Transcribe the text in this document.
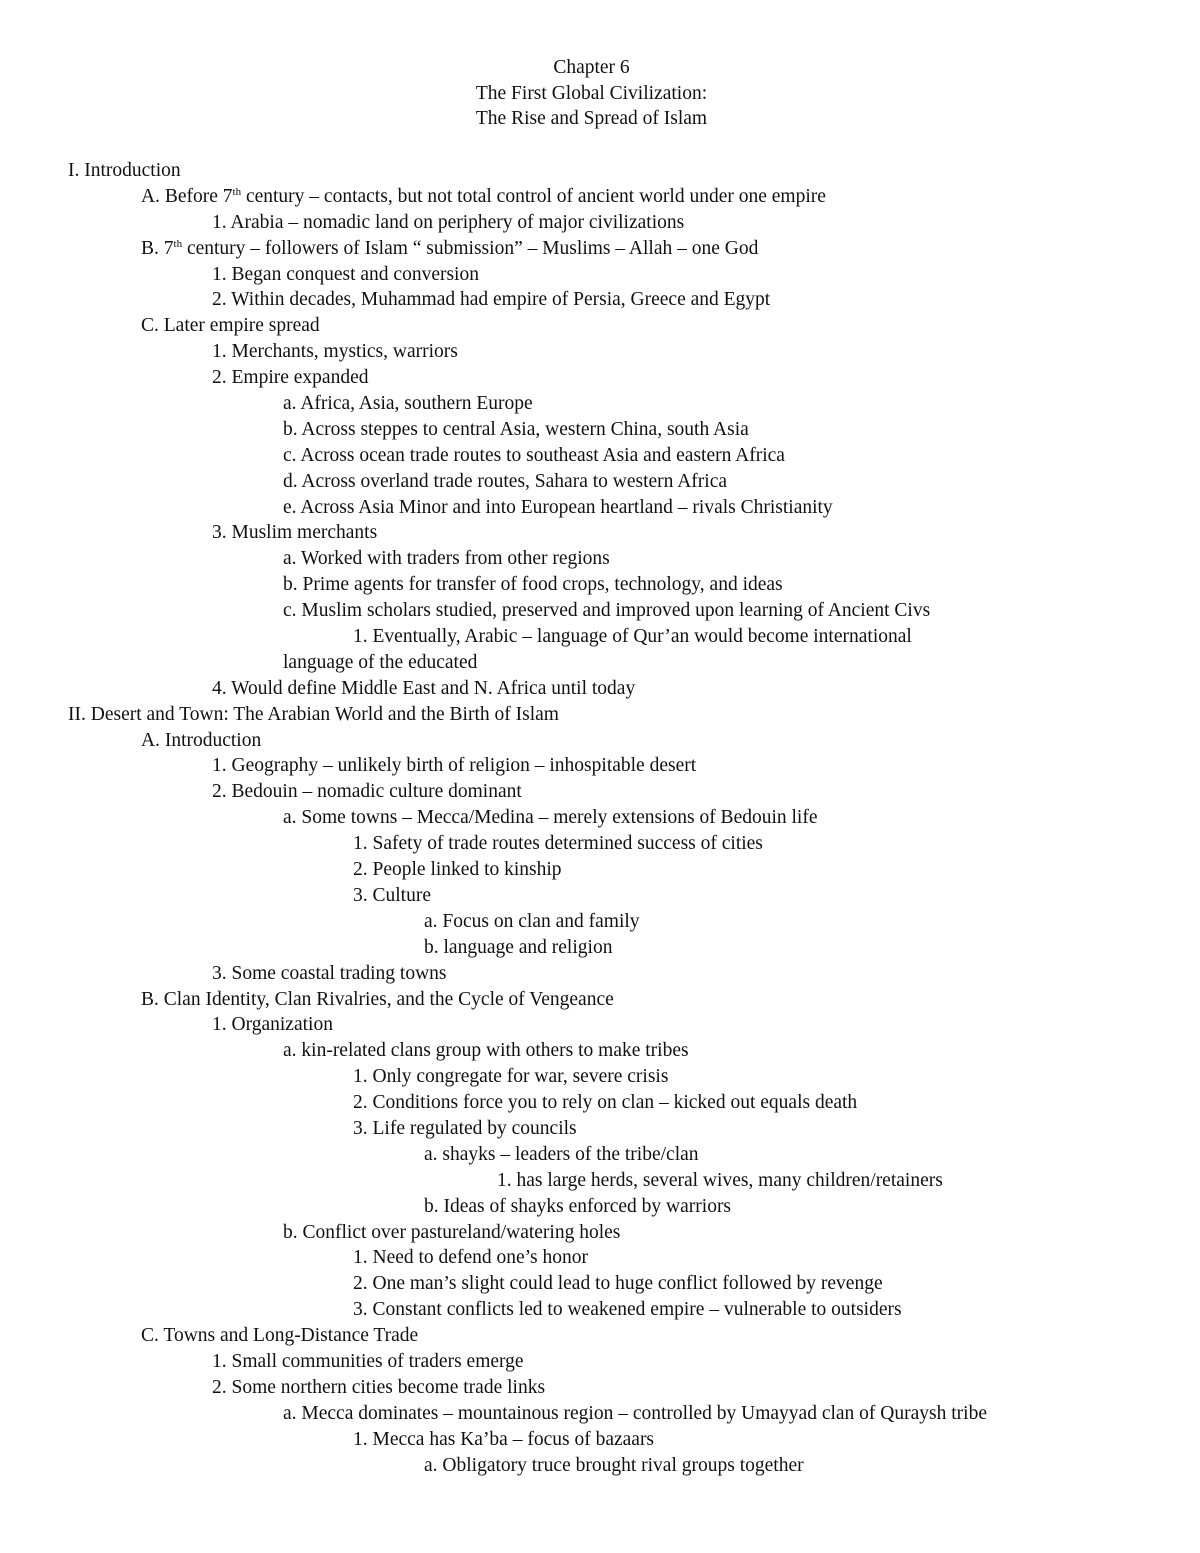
Chapter 6
The First Global Civilization:
The Rise and Spread of Islam
I. Introduction
A. Before 7th century – contacts, but not total control of ancient world under one empire
1. Arabia – nomadic land on periphery of major civilizations
B. 7th century – followers of Islam “ submission” – Muslims – Allah – one God
1. Began conquest and conversion
2. Within decades, Muhammad had empire of Persia, Greece and Egypt
C. Later empire spread
1. Merchants, mystics, warriors
2. Empire expanded
a. Africa, Asia, southern Europe
b. Across steppes to central Asia, western China, south Asia
c. Across ocean trade routes to southeast Asia and eastern Africa
d. Across overland trade routes, Sahara to western Africa
e. Across Asia Minor and into European heartland – rivals Christianity
3. Muslim merchants
a. Worked with traders from other regions
b. Prime agents for transfer of food crops, technology, and ideas
c. Muslim scholars studied, preserved and improved upon learning of Ancient Civs
1. Eventually, Arabic – language of Qur’an would become international
language of the educated
4. Would define Middle East and N. Africa until today
II. Desert and Town: The Arabian World and the Birth of Islam
A. Introduction
1. Geography – unlikely birth of religion – inhospitable desert
2. Bedouin – nomadic culture dominant
a. Some towns – Mecca/Medina – merely extensions of Bedouin life
1. Safety of trade routes determined success of cities
2. People linked to kinship
3. Culture
a. Focus on clan and family
b. language and religion
3. Some coastal trading towns
B. Clan Identity, Clan Rivalries, and the Cycle of Vengeance
1. Organization
a. kin-related clans group with others to make tribes
1. Only congregate for war, severe crisis
2. Conditions force you to rely on clan – kicked out equals death
3. Life regulated by councils
a. shayks – leaders of the tribe/clan
1. has large herds, several wives, many children/retainers
b. Ideas of shayks enforced by warriors
b. Conflict over pastureland/watering holes
1. Need to defend one’s honor
2. One man’s slight could lead to huge conflict followed by revenge
3. Constant conflicts led to weakened empire – vulnerable to outsiders
C. Towns and Long-Distance Trade
1. Small communities of traders emerge
2. Some northern cities become trade links
a. Mecca dominates – mountainous region – controlled by Umayyad clan of Quraysh tribe
1. Mecca has Ka’ba – focus of bazaars
a. Obligatory truce brought rival groups together
